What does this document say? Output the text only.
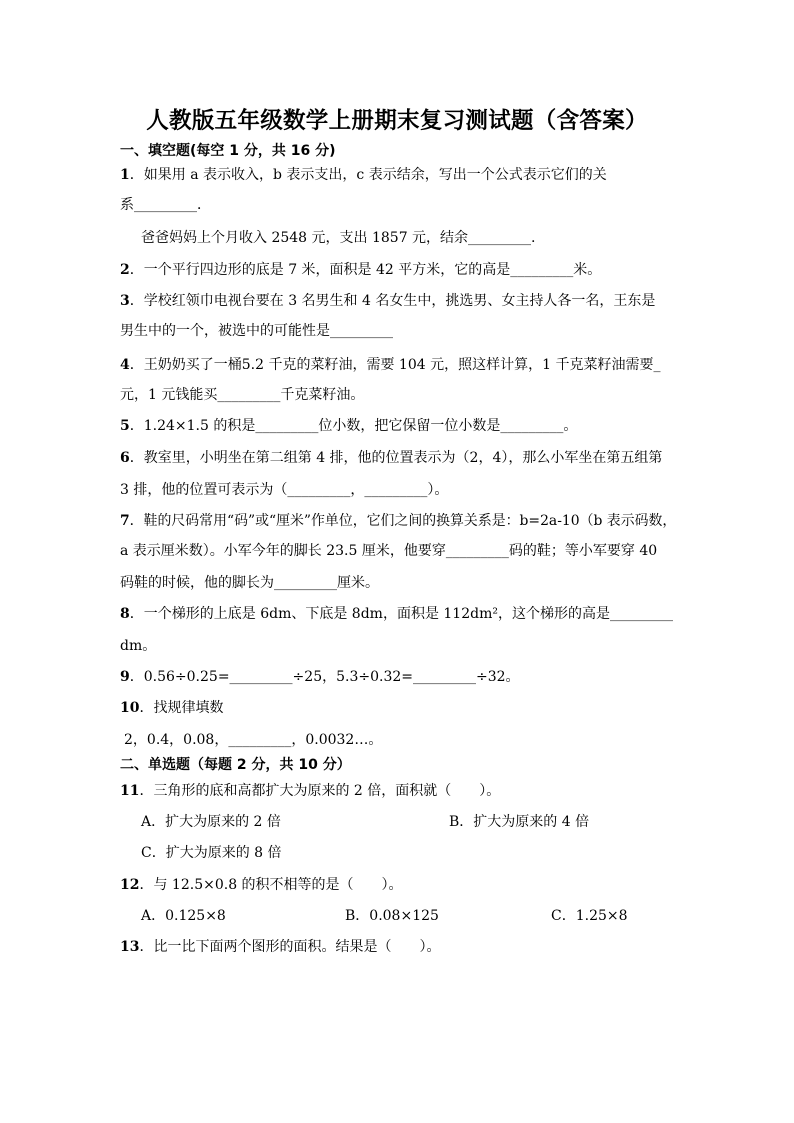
人教版五年级数学上册期末复习测试题（含答案）
一、填空题(每空 1 分，共 16 分)
1．如果用 a 表示收入，b 表示支出，c 表示结余，写出一个公式表示它们的关
系_________．
爸爸妈妈上个月收入 2548 元，支出 1857 元，结余_________.
2．一个平行四边形的底是 7 米，面积是 42 平方米，它的高是_________米。
3．学校红领巾电视台要在 3 名男生和 4 名女生中，挑选男、女主持人各一名，王东是
男生中的一个，被选中的可能性是_________
4．王奶奶买了一桶5.2 千克的菜籽油，需要 104 元，照这样计算，1 千克菜籽油需要_
元，1 元钱能买_________千克菜籽油。
5．1.24×1.5 的积是_________位小数，把它保留一位小数是_________。
6．教室里，小明坐在第二组第 4 排，他的位置表示为（2，4），那么小军坐在第五组第
3 排，他的位置可表示为（_________，_________）。
7．鞋的尺码常用“码”或“厘米”作单位，它们之间的换算关系是：b=2a-10（b 表示码数，
a 表示厘米数）。小军今年的脚长 23.5 厘米，他要穿_________码的鞋；等小军要穿 40
码鞋的时候，他的脚长为_________厘米。
8．一个梯形的上底是 6dm、下底是 8dm，面积是 112dm²，这个梯形的高是_________
dm。
9．0.56÷0.25=_________÷25，5.3÷0.32=_________÷32。
10．找规律填数
2，0.4，0.08，_________，0.0032…。
二、单选题（每题 2 分，共 10 分）
11．三角形的底和高都扩大为原来的 2 倍，面积就（　　）。
A．扩大为原来的 2 倍	B．扩大为原来的 4 倍
C．扩大为原来的 8 倍
12．与 12.5×0.8 的积不相等的是（　　）。
A．0.125×8	B．0.08×125	C．1.25×8
13．比一比下面两个图形的面积。结果是（　　）。
